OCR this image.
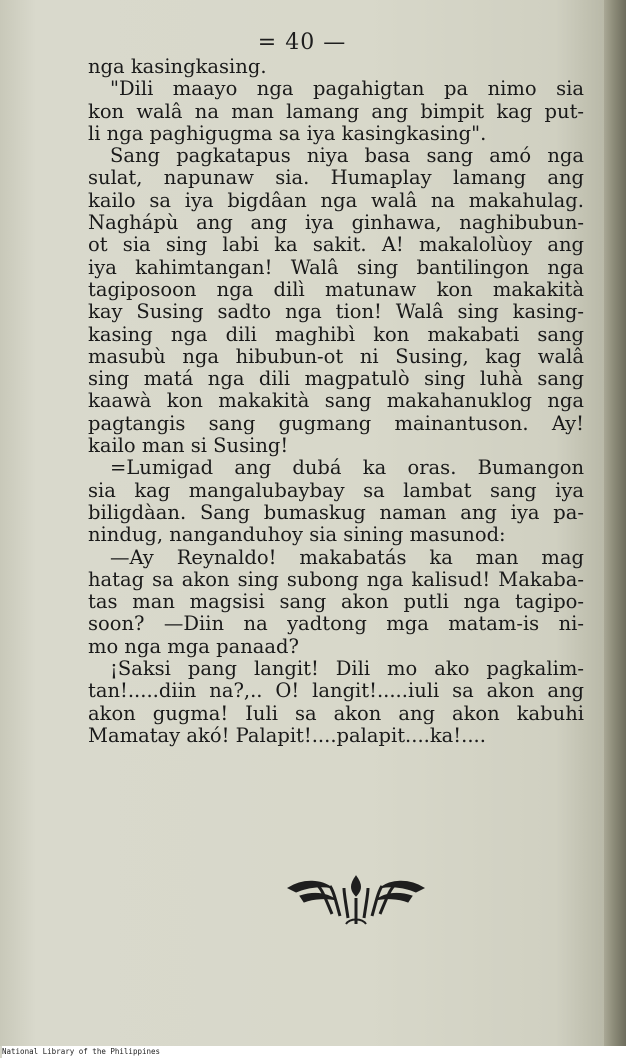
= 40 —
nga kasingkasing.
"Dili maayo nga pagahigtan pa nimo sia
kon walâ na man lamang ang bimpit kag put-
li nga paghigugma sa iya kasingkasing".
Sang pagkatapus niya basa sang amó nga
sulat, napunaw sia. Humaplay lamang ang
kailo sa iya bigdâan nga walâ na makahulag.
Naghápù ang ang iya ginhawa, naghibubun-
ot sia sing labi ka sakit. A! makalolùoy ang
iya kahimtangan! Walâ sing bantilingon nga
tagiposoon nga dilì matunaw kon makakità
kay Susing sadto nga tion! Walâ sing kasing-
kasing nga dili maghibì kon makabati sang
masubù nga hibubun-ot ni Susing, kag walâ
sing matá nga dili magpatulò sing luhà sang
kaawà kon makakità sang makahanuklog nga
pagtangis sang gugmang mainantuson. Ay!
kailo man si Susing!
=Lumigad ang dubá ka oras. Bumangon
sia kag mangalubaybay sa lambat sang iya
biligdàan. Sang bumaskug naman ang iya pa-
nindug, nanganduhoy sia sining masunod:
—Ay Reynaldo! makabatás ka man mag
hatag sa akon sing subong nga kalisud! Makaba-
tas man magsisi sang akon putli nga tagipo-
soon? —Diin na yadtong mga matam-is ni-
mo nga mga panaad?
¡Saksi pang langit! Dili mo ako pagkalim-
tan!.....diin na?,.. O! langit!.....iuli sa akon ang
akon gugma! Iuli sa akon ang akon kabuhi
Mamatay akó! Palapit!....palapit....ka!....
National Library of the Philippines
